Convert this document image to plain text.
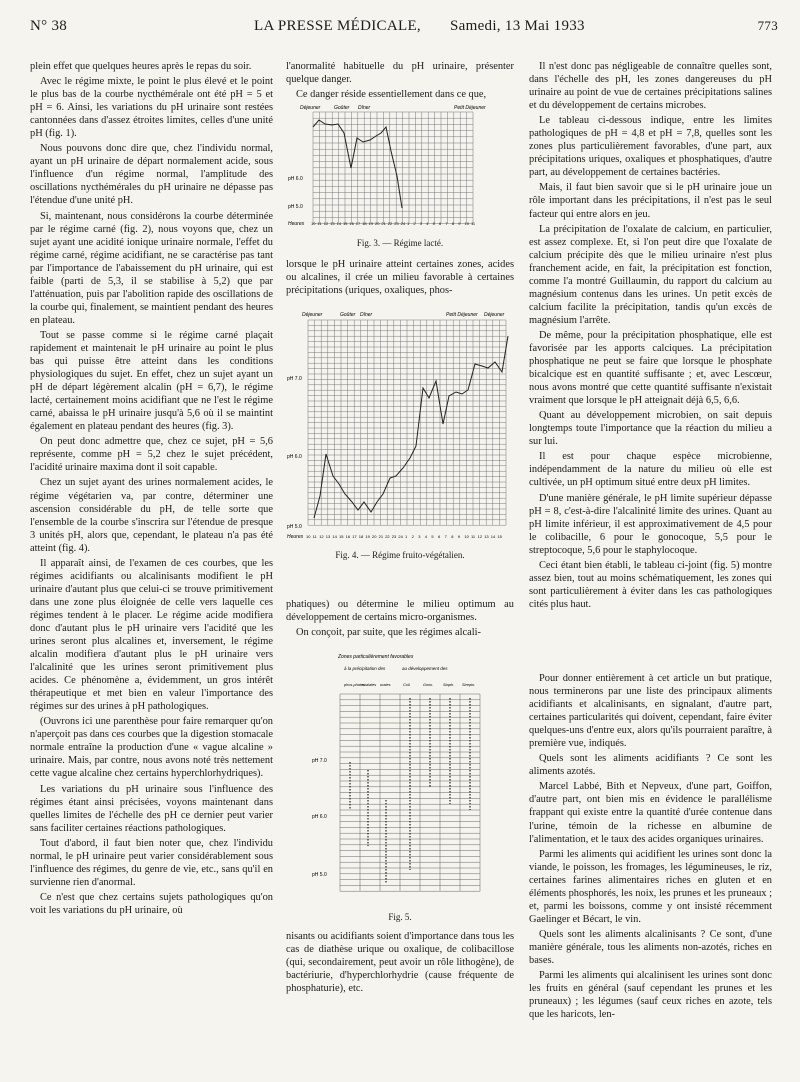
N° 38	LA PRESSE MÉDICALE, Samedi, 13 Mai 1933	773

plein effet que quelques heures après le repas du soir.

Avec le régime mixte, le point le plus élevé et le point le plus bas de la courbe nycthémérale ont été pH = 5 et pH = 6. Ainsi, les variations du pH urinaire sont restées cantonnées dans d'assez étroites limites, celles d'une unité pH (fig. 1).

Nous pouvons donc dire que, chez l'individu normal, ayant un pH urinaire de départ normalement acide, sous l'influence d'un régime normal, l'amplitude des oscillations nycthémérales du pH urinaire ne dépasse pas l'étendue d'une unité pH.

Si, maintenant, nous considérons la courbe déterminée par le régime carné (fig. 2), nous voyons que, chez un sujet ayant une acidité ionique urinaire normale, l'effet du régime carné, régime acidifiant, ne se caractérise pas tant par l'importance de l'abaissement du pH urinaire, qui est faible (parti de 5,3, il se stabilise à 5,2) que par l'atténuation, puis par l'abolition rapide des oscillations de la courbe qui, finalement, se maintient pendant des heures en plateau.

Tout se passe comme si le régime carné plaçait rapidement et maintenait le pH urinaire au point le plus bas qui puisse être atteint dans les conditions physiologiques du sujet. En effet, chez un sujet ayant un pH de départ légèrement alcalin (pH = 6,7), le régime lacté, certainement moins acidifiant que ne l'est le régime carné, abaissa le pH urinaire jusqu'à 5,6 où il se maintint également en plateau pendant des heures (fig. 3).

On peut donc admettre que, chez ce sujet, pH = 5,6 représente, comme pH = 5,2 chez le sujet précédent, l'acidité urinaire maxima dont il soit capable.

Chez un sujet ayant des urines normalement acides, le régime végétarien va, par contre, déterminer une ascension considérable du pH, de telle sorte que l'ensemble de la courbe s'inscrira sur l'étendue de presque 3 unités pH, alors que, cependant, le plateau n'a pas été atteint (fig. 4).

Il apparaît ainsi, de l'examen de ces courbes, que les régimes acidifiants ou alcalinisants modifient le pH urinaire d'autant plus que celui-ci se trouve primitivement dans une zone plus éloignée de celle vers laquelle ces régimes tendent à le placer. Le régime acide modifiera donc d'autant plus le pH urinaire vers l'acidité que les urines seront plus alcalines et, inversement, le régime alcalin modifiera d'autant plus le pH urinaire vers l'alcalinité que les urines seront primitivement plus acides. Ce phénomène a, évidemment, un gros intérêt thérapeutique et met bien en valeur l'importance des régimes sur des urines à pH pathologiques.

(Ouvrons ici une parenthèse pour faire remarquer qu'on n'aperçoit pas dans ces courbes que la digestion stomacale normale entraîne la production d'une « vague alcaline » urinaire. Mais, par contre, nous avons noté très nettement cette vague alcaline chez certains hyperchlorhydriques).

Les variations du pH urinaire sous l'influence des régimes étant ainsi précisées, voyons maintenant dans quelles limites de l'échelle des pH ce dernier peut varier sans faciliter certaines réactions pathologiques.

Tout d'abord, il faut bien noter que, chez l'individu normal, le pH urinaire peut varier considérablement sous l'influence des régimes, du genre de vie, etc., sans qu'il en survienne rien d'anormal.

Ce n'est que chez certains sujets pathologiques qu'on voit les variations du pH urinaire, où

l'anormalité habituelle du pH urinaire, présenter quelque danger.

Ce danger réside essentiellement dans ce que,

Déjeuner	Goûter Dîner	Petit Déjeuner
pH 6.0
pH 5.0
Heures 10 11 12 13 14 15 16 17 18 19 20 21 22 23 24 1 2 3 4 5 6 7 8 9 10 11
Fig. 3. — Régime lacté.

lorsque le pH urinaire atteint certaines zones, acides ou alcalines, il crée un milieu favorable à certaines précipitations (uriques, oxaliques, phos-

Déjeuner	Goûter Dîner	Petit Déjeuner Déjeuner
pH 7.0
pH 6.0
pH 5.0
Heures 10 11 12 13 14 15 16 17 18 19 20 21 22 23 24 1 2 3 4 5 6 7 8 9 10 11 12 13 14 15
Fig. 4. — Régime fruito-végétalien.

phatiques) ou détermine le milieu optimum au développement de certains micro-organismes.

On conçoit, par suite, que les régimes alcali-

Zones particulièrement favorables
à la précipitation des	au développement des
phos-phates
oxalates urates	Coli.	Gono.	Staph. Strepto.
pH 7.0
pH 6.0
pH 5.0
Fig. 5.

nisants ou acidifiants soient d'importance dans tous les cas de diathèse urique ou oxalique, de colibacillose (qui, secondairement, peut avoir un rôle lithogène), de bactériurie, d'hyperchlorhydrie (cause fréquente de phosphaturie), etc.

Il n'est donc pas négligeable de connaître quelles sont, dans l'échelle des pH, les zones dangereuses du pH urinaire au point de vue de certaines précipitations salines et du développement de certains microbes.

Le tableau ci-dessous indique, entre les limites pathologiques de pH = 4,8 et pH = 7,8, quelles sont les zones plus particulièrement favorables, d'une part, aux précipitations uriques, oxaliques et phosphatiques, d'autre part, au développement de certaines bactéries.

Mais, il faut bien savoir que si le pH urinaire joue un rôle important dans les précipitations, il n'est pas le seul facteur qui entre alors en jeu.

La précipitation de l'oxalate de calcium, en particulier, est assez complexe. Et, si l'on peut dire que l'oxalate de calcium précipite dès que le milieu urinaire n'est plus franchement acide, en fait, la précipitation est fonction, comme l'a montré Guillaumin, du rapport du calcium au magnésium contenus dans les urines. Un petit excès de calcium facilite la précipitation, tandis qu'un excès de magnésium l'arrête.

De même, pour la précipitation phosphatique, elle est favorisée par les apports calciques. La précipitation phosphatique ne peut se faire que lorsque le phosphate bicalcique est en quantité suffisante ; et, avec Lescœur, nous avons montré que cette quantité suffisante n'existait vraiment que lorsque le pH atteignait déjà 6,5, 6,6.

Quant au développement microbien, on sait depuis longtemps toute l'importance que la réaction du milieu a sur lui.

Il est pour chaque espèce microbienne, indépendamment de la nature du milieu où elle est cultivée, un pH optimum situé entre deux pH limites.

D'une manière générale, le pH limite supérieur dépasse pH = 8, c'est-à-dire l'alcalinité limite des urines. Quant au pH limite inférieur, il est approximativement de 4,5 pour le colibacille, 6 pour le gonocoque, 5,5 pour le streptocoque, 5,6 pour le staphylocoque.

Ceci étant bien établi, le tableau ci-joint (fig. 5) montre assez bien, tout au moins schématiquement, les zones qui sont particulièrement à éviter dans les cas pathologiques cités plus haut.

Pour donner entièrement à cet article un but pratique, nous terminerons par une liste des principaux aliments acidifiants et alcalinisants, en signalant, d'autre part, certaines particularités qui doivent, cependant, faire éviter quelques-uns d'entre eux, alors qu'ils pourraient paraître, à première vue, indiqués.

Quels sont les aliments acidifiants ? Ce sont les aliments azotés.

Marcel Labbé, Bith et Nepveux, d'une part, Goiffon, d'autre part, ont bien mis en évidence le parallélisme frappant qui existe entre la quantité d'urée contenue dans l'urine, témoin de la richesse en albumine de l'alimentation, et le taux des acides organiques urinaires.

Parmi les aliments qui acidifient les urines sont donc la viande, le poisson, les fromages, les légumineuses, le riz, certaines farines alimentaires riches en gluten et en éléments phosphorés, les noix, les prunes et les pruneaux ; et, parmi les boissons, comme y ont insisté récemment Gaelinger et Bécart, le vin.

Quels sont les aliments alcalinisants ? Ce sont, d'une manière générale, tous les aliments non-azotés, riches en bases.

Parmi les aliments qui alcalinisent les urines sont donc les fruits en général (sauf cependant les prunes et les pruneaux) ; les légumes (sauf ceux riches en azote, tels que les haricots, len-
